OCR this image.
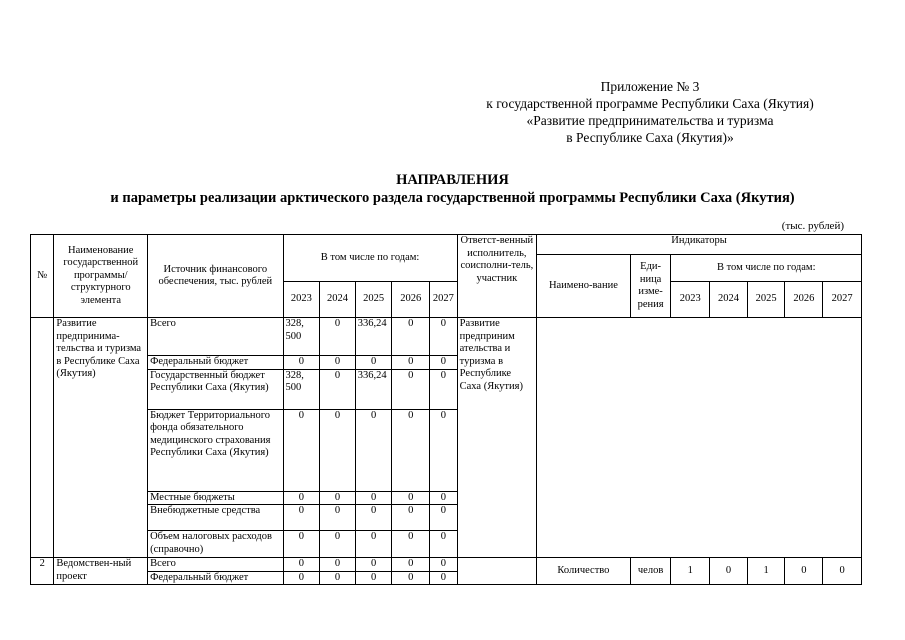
Приложение № 3
к государственной программе Республики Саха (Якутия)
«Развитие предпринимательства и туризма
в Республике Саха (Якутия)»
НАПРАВЛЕНИЯ
и параметры реализации арктического раздела государственной программы Республики Саха (Якутия)
(тыс. рублей)
№	Наименование государственной программы/структурного элемента	Источник финансового обеспечения, тыс. рублей	В том числе по годам:					Ответст-венный исполнитель, соисполни-тель, участник	Индикаторы						
									Наимено-вание	Еди-ница изме-рения	В том числе по годам:				
			2023	2024	2025	2026	2027				2023	2024	2025	2026	2027
	Развитие предпринима-тельства и туризма в Республике Саха (Якутия)	Всего	328, 500	0	336,24	0	0	Развитие предприним ательства и туризма в Республике Саха (Якутия)							
		Федеральный бюджет	0	0	0	0	0								
		Государственный бюджет Республики Саха (Якутия)	328, 500	0	336,24	0	0								
		Бюджет Территориального фонда обязательного медицинского страхования Республики Саха (Якутия)	0	0	0	0	0								
		Местные бюджеты	0	0	0	0	0								
		Внебюджетные средства	0	0	0	0	0								
		Объем налоговых расходов (справочно)	0	0	0	0	0								
2	Ведомствен-ный проект	Всего	0	0	0	0	0		Количество	челов	1	0	1	0	0
		Федеральный бюджет	0	0	0	0	0								
